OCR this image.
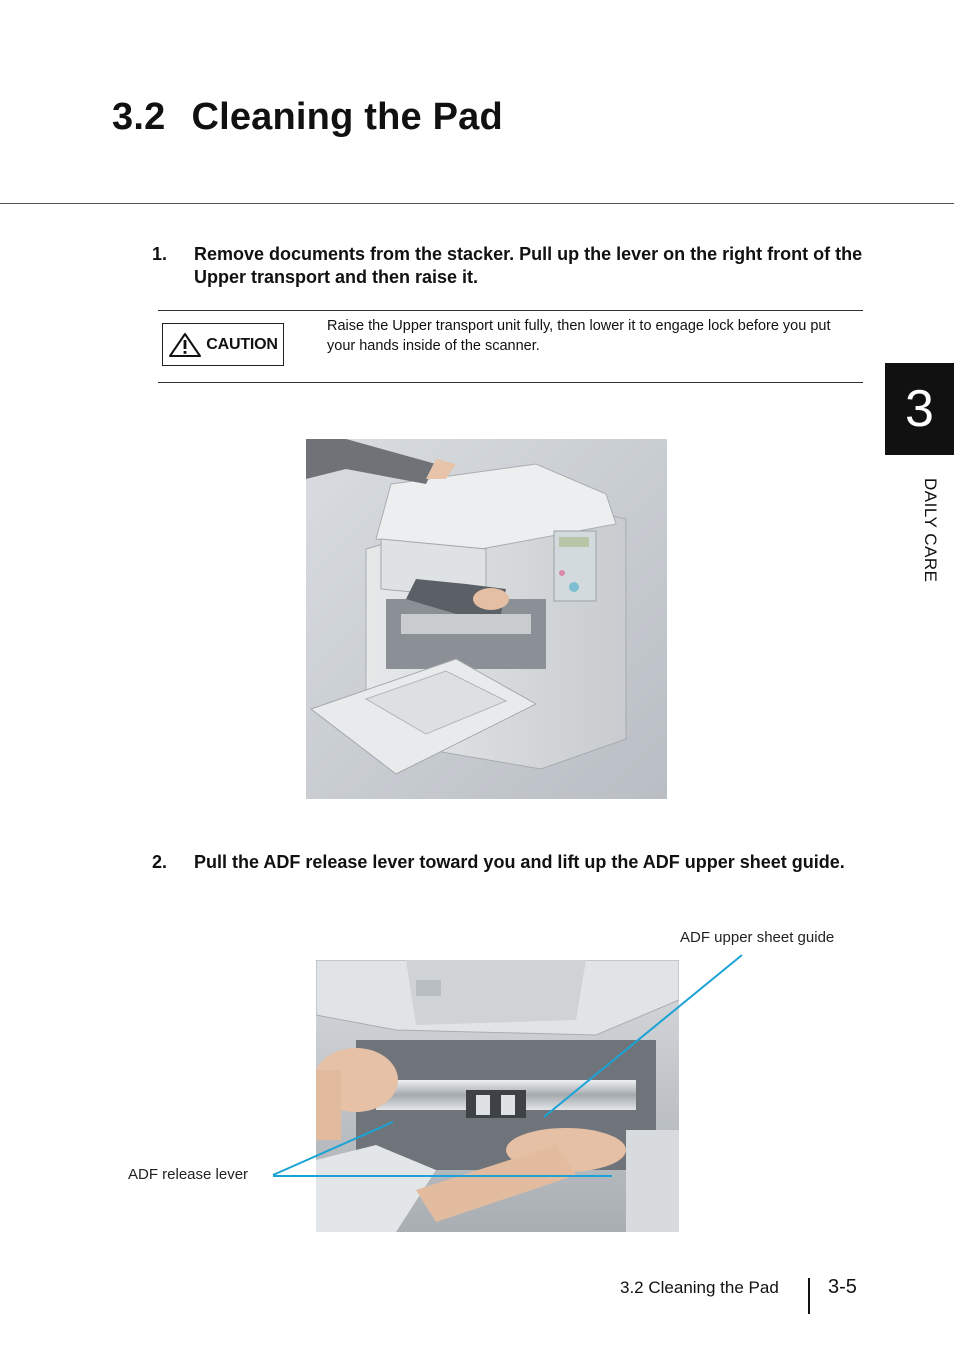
3.2 Cleaning the Pad
1. Remove documents from the stacker. Pull up the lever on the right front of the Upper transport and then raise it.
CAUTION
Raise the Upper transport unit fully, then lower it to engage lock before you put your hands inside of the scanner.
3
DAILY CARE
2. Pull the ADF release lever toward you and lift up the ADF upper sheet guide.
ADF upper sheet guide
ADF release lever
3.2 Cleaning the Pad 3-5
